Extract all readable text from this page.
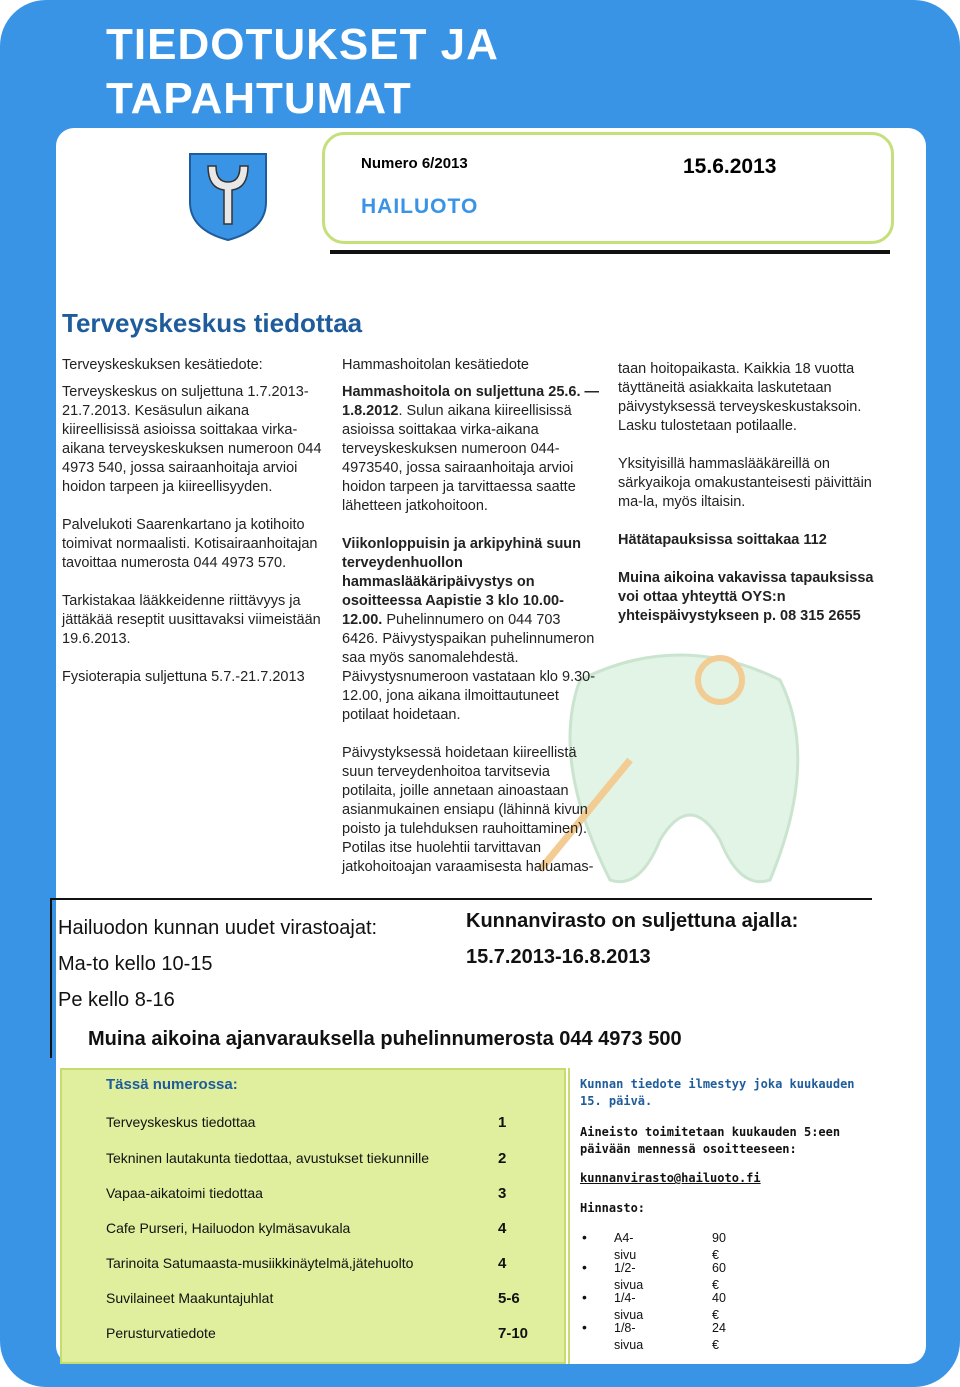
TIEDOTUKSET JA
TAPAHTUMAT
Numero 6/2013	15.6.2013
HAILUOTO
Terveyskeskus tiedottaa

Terveyskeskuksen kesätiedote:

Terveyskeskus on suljettuna 1.7.2013-21.7.2013. Kesäsulun aikana kiireellisissä asioissa soittakaa virka-aikana terveyskeskuksen numeroon 044 4973 540, jossa sairaanhoitaja arvioi hoidon tarpeen ja kiireellisyyden.

Palvelukoti Saarenkartano ja kotihoito toimivat normaalisti. Kotisairaanhoitajan tavoittaa numerosta 044 4973 570.

Tarkistakaa lääkkeidenne riittävyys ja jättäkää reseptit uusittavaksi viimeistään 19.6.2013.

Fysioterapia suljettuna 5.7.-21.7.2013

Hammashoitolan kesätiedote

Hammashoitola on suljettuna 25.6. — 1.8.2012. Sulun aikana kiireellisissä asioissa soittakaa virka-aikana terveyskeskuksen numeroon 044-4973540, jossa sairaanhoitaja arvioi hoidon tarpeen ja tarvittaessa saatte lähetteen jatkohoitoon.

Viikonloppuisin ja arkipyhinä suun terveydenhuollon hammaslääkäripäivystys on osoitteessa Aapistie 3 klo 10.00-12.00. Puhelinnumero on 044 703 6426. Päivystyspaikan puhelinnumeron saa myös sanomalehdestä. Päivystysnumeroon vastataan klo 9.30-12.00, jona aikana ilmoittautuneet potilaat hoidetaan.

Päivystyksessä hoidetaan kiireellistä suun terveydenhoitoa tarvitsevia potilaita, joille annetaan ainoastaan asianmukainen ensiapu (lähinnä kivun poisto ja tulehduksen rauhoittaminen). Potilas itse huolehtii tarvittavan jatkohoitoajan varaamisesta haluamas-

taan hoitopaikasta. Kaikkia 18 vuotta täyttäneitä asiakkaita laskutetaan päivystyksessä terveyskeskustaksoin. Lasku tulostetaan potilaalle.

Yksityisillä hammaslääkäreillä on särkyaikoja omakustanteisesti päivittäin ma-la, myös iltaisin.

Hätätapauksissa soittakaa 112

Muina aikoina vakavissa tapauksissa voi ottaa yhteyttä OYS:n yhteispäivystykseen p. 08 315 2655

Hailuodon kunnan uudet virastoajat:
Ma-to kello 10-15
Pe kello 8-16
Kunnanvirasto on suljettuna ajalla:
15.7.2013-16.8.2013
Muina aikoina ajanvarauksella puhelinnumerosta 044 4973 500
Tässä numerossa:
Terveyskeskus tiedottaa	1
Tekninen lautakunta tiedottaa, avustukset tiekunnille	2
Vapaa-aikatoimi tiedottaa	3
Cafe Purseri, Hailuodon kylmäsavukala	4
Tarinoita Satumaasta-musiikkinäytelmä,jätehuolto	4
Suvilaineet Maakuntajuhlat	5-6
Perusturvatiedote	7-10
Kunnan tiedote ilmestyy joka kuukauden 15. päivä.
Aineisto toimitetaan kuukauden 5:een päivään mennessä osoitteeseen:
kunnanvirasto@hailuoto.fi
Hinnasto:
• A4-sivu
90 €
• 1/2-sivua
60 €
• 1/4-sivua
40 €
• 1/8-sivua
24 €
